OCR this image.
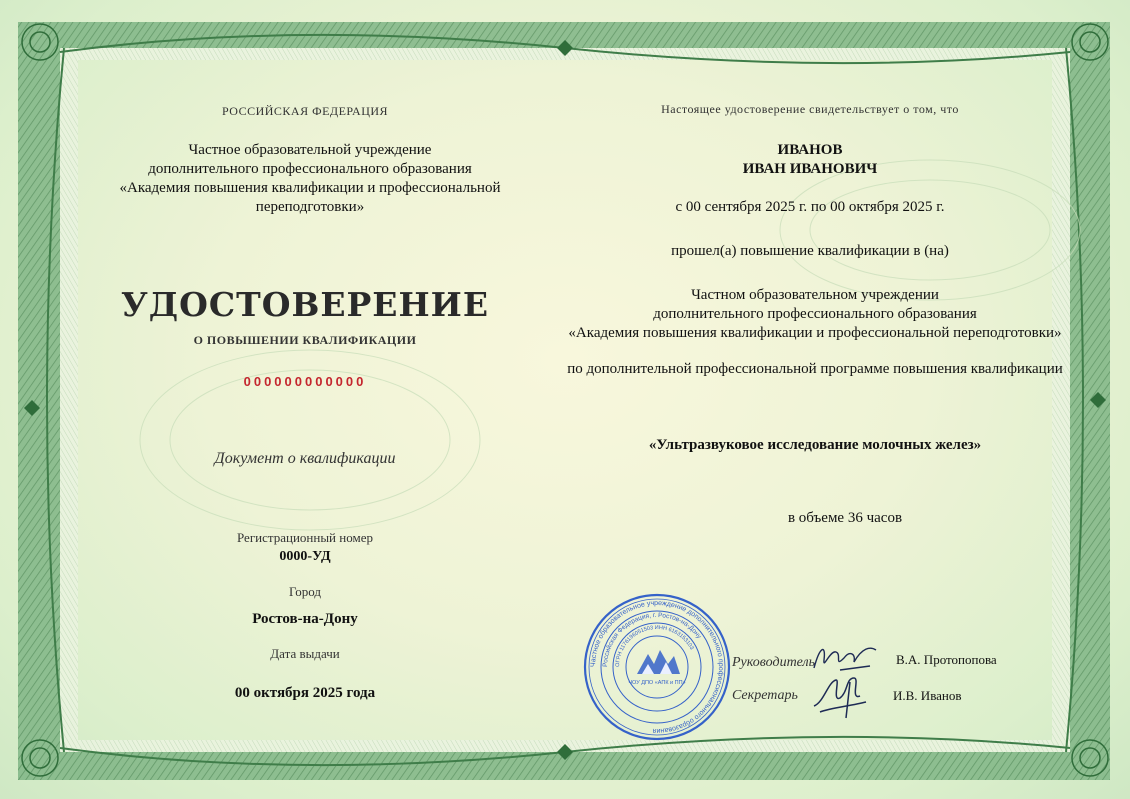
РОССИЙСКАЯ ФЕДЕРАЦИЯ
Частное образовательной учреждение
дополнительного профессионального образования
«Академия повышения квалификации и профессиональной
переподготовки»
УДОСТОВЕРЕНИЕ
О ПОВЫШЕНИИ КВАЛИФИКАЦИИ
000000000000
Документ о квалификации
Регистрационный номер
0000-УД
Город
Ростов-на-Дону
Дата выдачи
00 октября 2025 года
Настоящее удостоверение свидетельствует о том, что
ИВАНОВ
ИВАН ИВАНОВИЧ
с 00 сентября 2025 г. по 00 октября 2025 г.
прошел(а) повышение квалификации в (на)
Частном образовательном учреждении
дополнительного профессионального образования
«Академия повышения квалификации и профессиональной переподготовки»
по дополнительной профессиональной программе повышения квалификации
«Ультразвуковое исследование молочных желез»
в объеме 36 часов
Руководитель	В.А. Протопопова
Секретарь	И.В. Иванов
Частное образовательное учреждение дополнительного профессионального образования
Российская Федерация, г. Ростов-на-Дону
ОГРН 1176196051503 ИНН 6163153103
ЧОУ ДПО «АПК и ПП»
